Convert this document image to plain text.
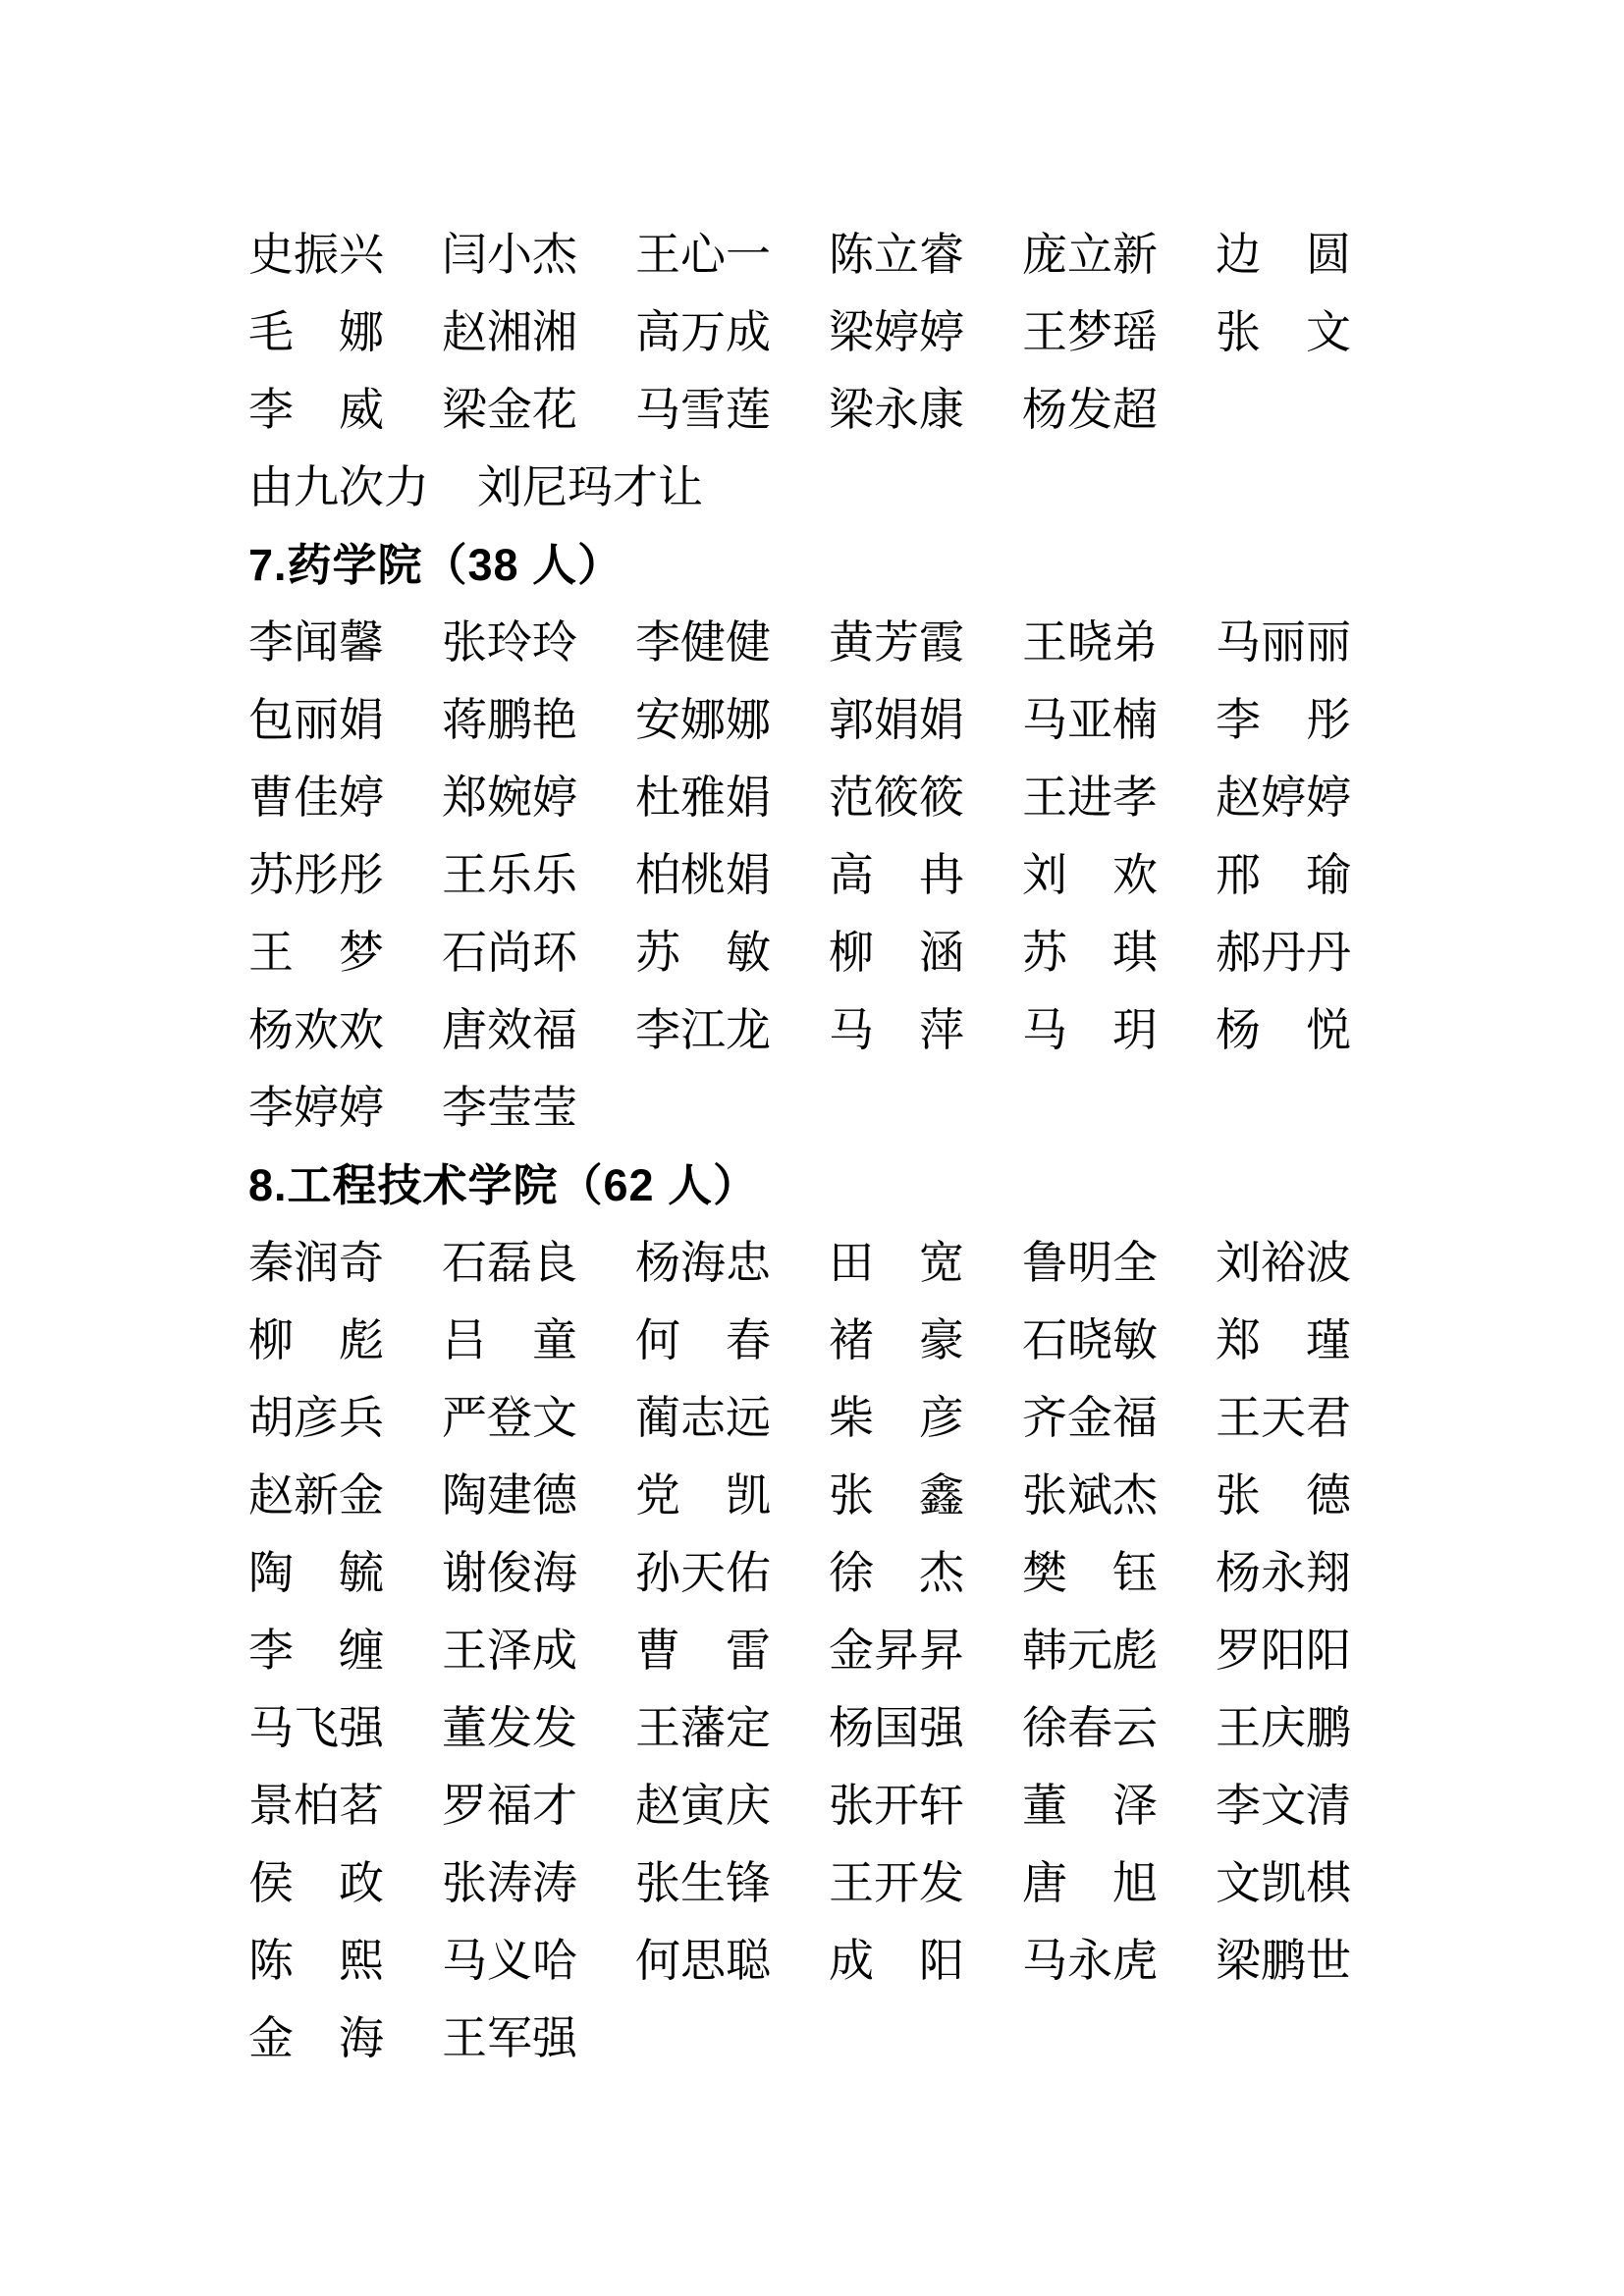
史振兴 闫小杰 王心一 陈立睿 庞立新 边　圆
毛　娜 赵湘湘 高万成 梁婷婷 王梦瑶 张　文
李　威 梁金花 马雪莲 梁永康 杨发超
由九次力 刘尼玛才让
7.药学院（38 人）
李闻馨 张玲玲 李健健 黄芳霞 王晓弟 马丽丽
包丽娟 蒋鹏艳 安娜娜 郭娟娟 马亚楠 李　彤
曹佳婷 郑婉婷 杜雅娟 范筱筱 王进孝 赵婷婷
苏彤彤 王乐乐 柏桃娟 高　冉 刘　欢 邢　瑜
王　梦 石尚环 苏　敏 柳　涵 苏　琪 郝丹丹
杨欢欢 唐效福 李江龙 马　萍 马　玥 杨　悦
李婷婷 李莹莹
8.工程技术学院（62 人）
秦润奇 石磊良 杨海忠 田　宽 鲁明全 刘裕波
柳　彪 吕　童 何　春 褚　豪 石晓敏 郑　瑾
胡彦兵 严登文 蔺志远 柴　彦 齐金福 王天君
赵新金 陶建德 党　凯 张　鑫 张斌杰 张　德
陶　毓 谢俊海 孙天佑 徐　杰 樊　钰 杨永翔
李　缠 王泽成 曹　雷 金昇昇 韩元彪 罗阳阳
马飞强 董发发 王藩定 杨国强 徐春云 王庆鹏
景柏茗 罗福才 赵寅庆 张开轩 董　泽 李文清
侯　政 张涛涛 张生锋 王开发 唐　旭 文凯棋
陈　熙 马义哈 何思聪 成　阳 马永虎 梁鹏世
金　海 王军强
